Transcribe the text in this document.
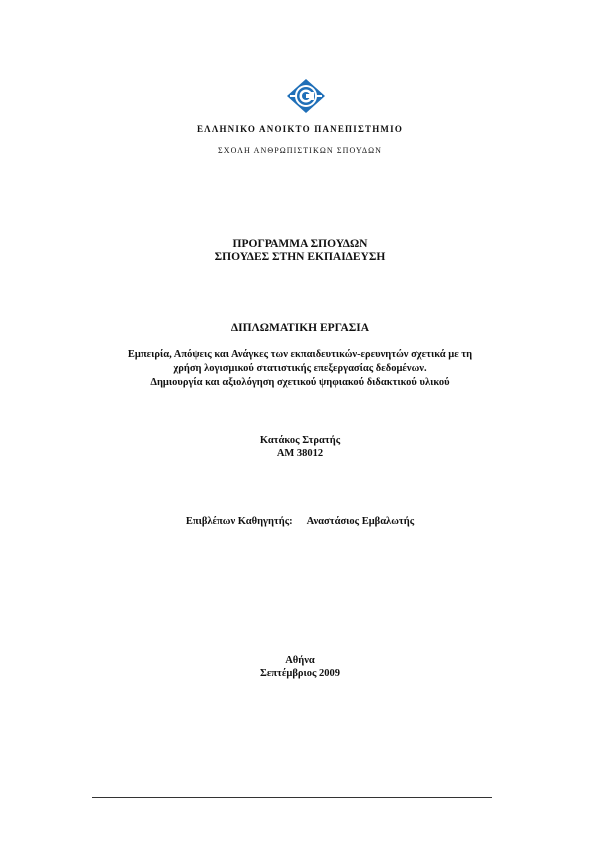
ΕΛΛΗΝΙΚΟ ΑΝΟΙΚΤΟ ΠΑΝΕΠΙΣΤΗΜΙΟ
ΣΧΟΛΗ ΑΝΘΡΩΠΙΣΤΙΚΩΝ ΣΠΟΥΔΩΝ
ΠΡΟΓΡΑΜΜΑ ΣΠΟΥΔΩΝ
ΣΠΟΥΔΕΣ ΣΤΗΝ ΕΚΠΑΙΔΕΥΣΗ
ΔΙΠΛΩΜΑΤΙΚΗ ΕΡΓΑΣΙΑ
Εμπειρία, Απόψεις και Ανάγκες των εκπαιδευτικών-ερευνητών σχετικά με τη
χρήση λογισμικού στατιστικής επεξεργασίας δεδομένων.
Δημιουργία και αξιολόγηση σχετικού ψηφιακού διδακτικού υλικού
Κατάκος Στρατής
ΑΜ 38012
Επιβλέπων Καθηγητής: Αναστάσιος Εμβαλωτής
Αθήνα
Σεπτέμβριος 2009
